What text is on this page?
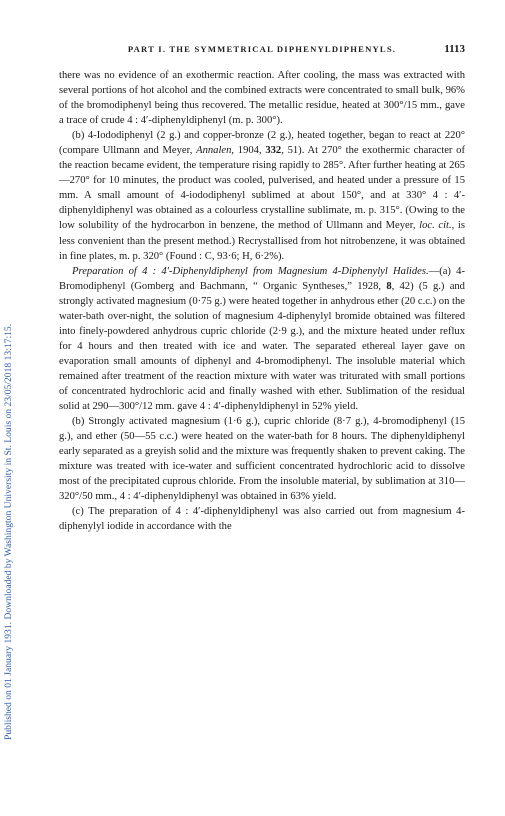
Published on 01 January 1931. Downloaded by Washington University in St. Louis on 23/05/2018 13:17:15.
PART I. THE SYMMETRICAL DIPHENYLDIPHENYLS.	1113

there was no evidence of an exothermic reaction. After cooling, the mass was extracted with several portions of hot alcohol and the combined extracts were concentrated to small bulk, 96% of the bromodiphenyl being thus recovered. The metallic residue, heated at 300°/15 mm., gave a trace of crude 4 : 4′-diphenyldiphenyl (m. p. 300°).

(b) 4-Iododiphenyl (2 g.) and copper-bronze (2 g.), heated together, began to react at 220° (compare Ullmann and Meyer, Annalen, 1904, 332, 51). At 270° the exothermic character of the reaction became evident, the temperature rising rapidly to 285°. After further heating at 265—270° for 10 minutes, the product was cooled, pulverised, and heated under a pressure of 15 mm. A small amount of 4-iododiphenyl sublimed at about 150°, and at 330° 4 : 4′-diphenyldiphenyl was obtained as a colourless crystalline sublimate, m. p. 315°. (Owing to the low solubility of the hydrocarbon in benzene, the method of Ullmann and Meyer, loc. cit., is less convenient than the present method.) Recrystallised from hot nitrobenzene, it was obtained in fine plates, m. p. 320° (Found : C, 93·6; H, 6·2%).

Preparation of 4 : 4′-Diphenyldiphenyl from Magnesium 4-Diphenylyl Halides.—(a) 4-Bromodiphenyl (Gomberg and Bachmann, “ Organic Syntheses,” 1928, 8, 42) (5 g.) and strongly activated magnesium (0·75 g.) were heated together in anhydrous ether (20 c.c.) on the water-bath over-night, the solution of magnesium 4-diphenylyl bromide obtained was filtered into finely-powdered anhydrous cupric chloride (2·9 g.), and the mixture heated under reflux for 4 hours and then treated with ice and water. The separated ethereal layer gave on evaporation small amounts of diphenyl and 4-bromodiphenyl. The insoluble material which remained after treatment of the reaction mixture with water was triturated with small portions of concentrated hydrochloric acid and finally washed with ether. Sublimation of the residual solid at 290—300°/12 mm. gave 4 : 4′-diphenyldiphenyl in 52% yield.

(b) Strongly activated magnesium (1·6 g.), cupric chloride (8·7 g.), 4-bromodiphenyl (15 g.), and ether (50—55 c.c.) were heated on the water-bath for 8 hours. The diphenyldiphenyl early separated as a greyish solid and the mixture was frequently shaken to prevent caking. The mixture was treated with ice-water and sufficient concentrated hydrochloric acid to dissolve most of the precipitated cuprous chloride. From the insoluble material, by sublimation at 310—320°/50 mm., 4 : 4′-diphenyldiphenyl was obtained in 63% yield.

(c) The preparation of 4 : 4′-diphenyldiphenyl was also carried out from magnesium 4-diphenylyl iodide in accordance with the
